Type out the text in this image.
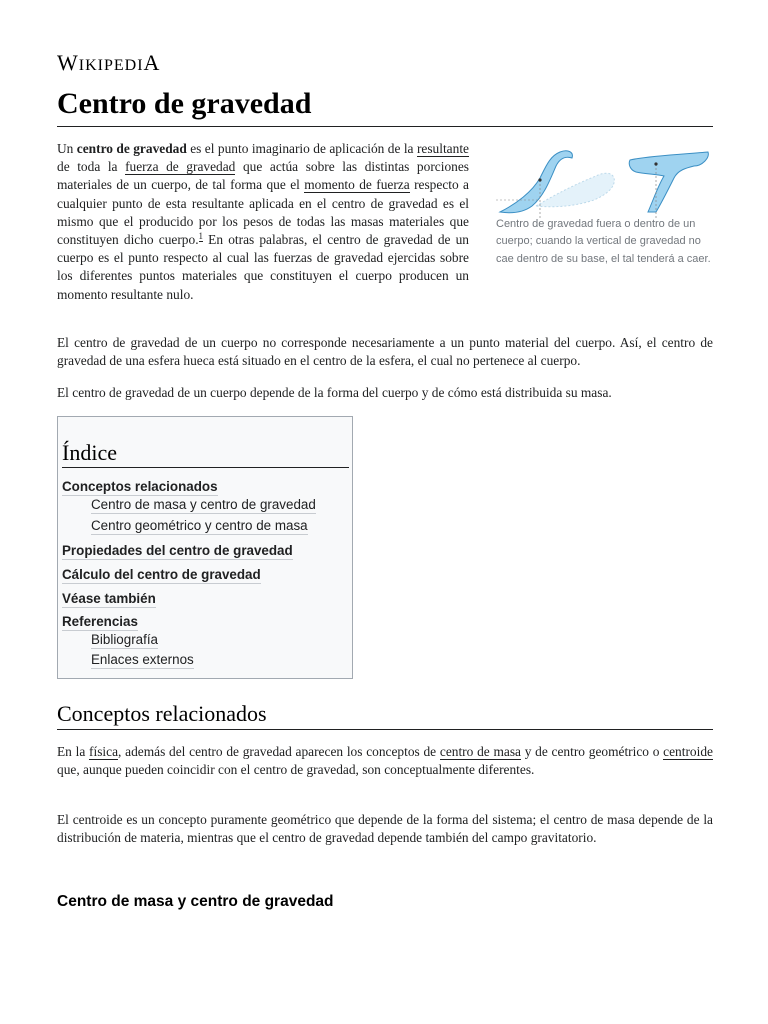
WIKIPEDIA
Centro de gravedad

Un centro de gravedad es el punto imaginario de aplicación de la resultante de toda la fuerza de gravedad que actúa sobre las distintas porciones materiales de un cuerpo, de tal forma que el momento de fuerza respecto a cualquier punto de esta resultante aplicada en el centro de gravedad es el mismo que el producido por los pesos de todas las masas materiales que constituyen dicho cuerpo.$^1$ En otras palabras, el centro de gravedad de un cuerpo es el punto respecto al cual las fuerzas de gravedad ejercidas sobre los diferentes puntos materiales que constituyen el cuerpo producen un momento resultante nulo.

Centro de gravedad fuera o dentro de un cuerpo; cuando la vertical de gravedad no cae dentro de su base, el tal tenderá a caer.

El centro de gravedad de un cuerpo no corresponde necesariamente a un punto material del cuerpo. Así, el centro de gravedad de una esfera hueca está situado en el centro de la esfera, el cual no pertenece al cuerpo.

El centro de gravedad de un cuerpo depende de la forma del cuerpo y de cómo está distribuida su masa.

Índice
Conceptos relacionados
Centro de masa y centro de gravedad
Centro geométrico y centro de masa
Propiedades del centro de gravedad
Cálculo del centro de gravedad
Véase también
Referencias
Bibliografía
Enlaces externos
Conceptos relacionados

En la física, además del centro de gravedad aparecen los conceptos de centro de masa y de centro geométrico o centroide que, aunque pueden coincidir con el centro de gravedad, son conceptualmente diferentes.

El centroide es un concepto puramente geométrico que depende de la forma del sistema; el centro de masa depende de la distribución de materia, mientras que el centro de gravedad depende también del campo gravitatorio.

Centro de masa y centro de gravedad
